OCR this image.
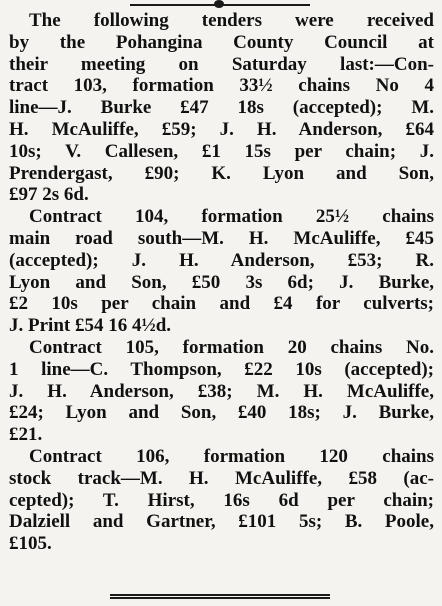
The following tenders were received
by the Pohangina County Council at
their meeting on Saturday last:—Con-
tract 103, formation 33½ chains No 4
line—J. Burke £47 18s (accepted); M.
H. McAuliffe, £59; J. H. Anderson, £64
10s; V. Callesen, £1 15s per chain; J.
Prendergast, £90; K. Lyon and Son,
£97 2s 6d.

Contract 104, formation 25½ chains
main road south—M. H. McAuliffe, £45
(accepted); J. H. Anderson, £53; R.
Lyon and Son, £50 3s 6d; J. Burke,
£2 10s per chain and £4 for culverts;
J. Print £54 16 4½d.

Contract 105, formation 20 chains No.
1 line—C. Thompson, £22 10s (accepted);
J. H. Anderson, £38; M. H. McAuliffe,
£24; Lyon and Son, £40 18s; J. Burke,
£21.

Contract 106, formation 120 chains
stock track—M. H. McAuliffe, £58 (ac-
cepted); T. Hirst, 16s 6d per chain;
Dalziell and Gartner, £101 5s; B. Poole,
£105.
